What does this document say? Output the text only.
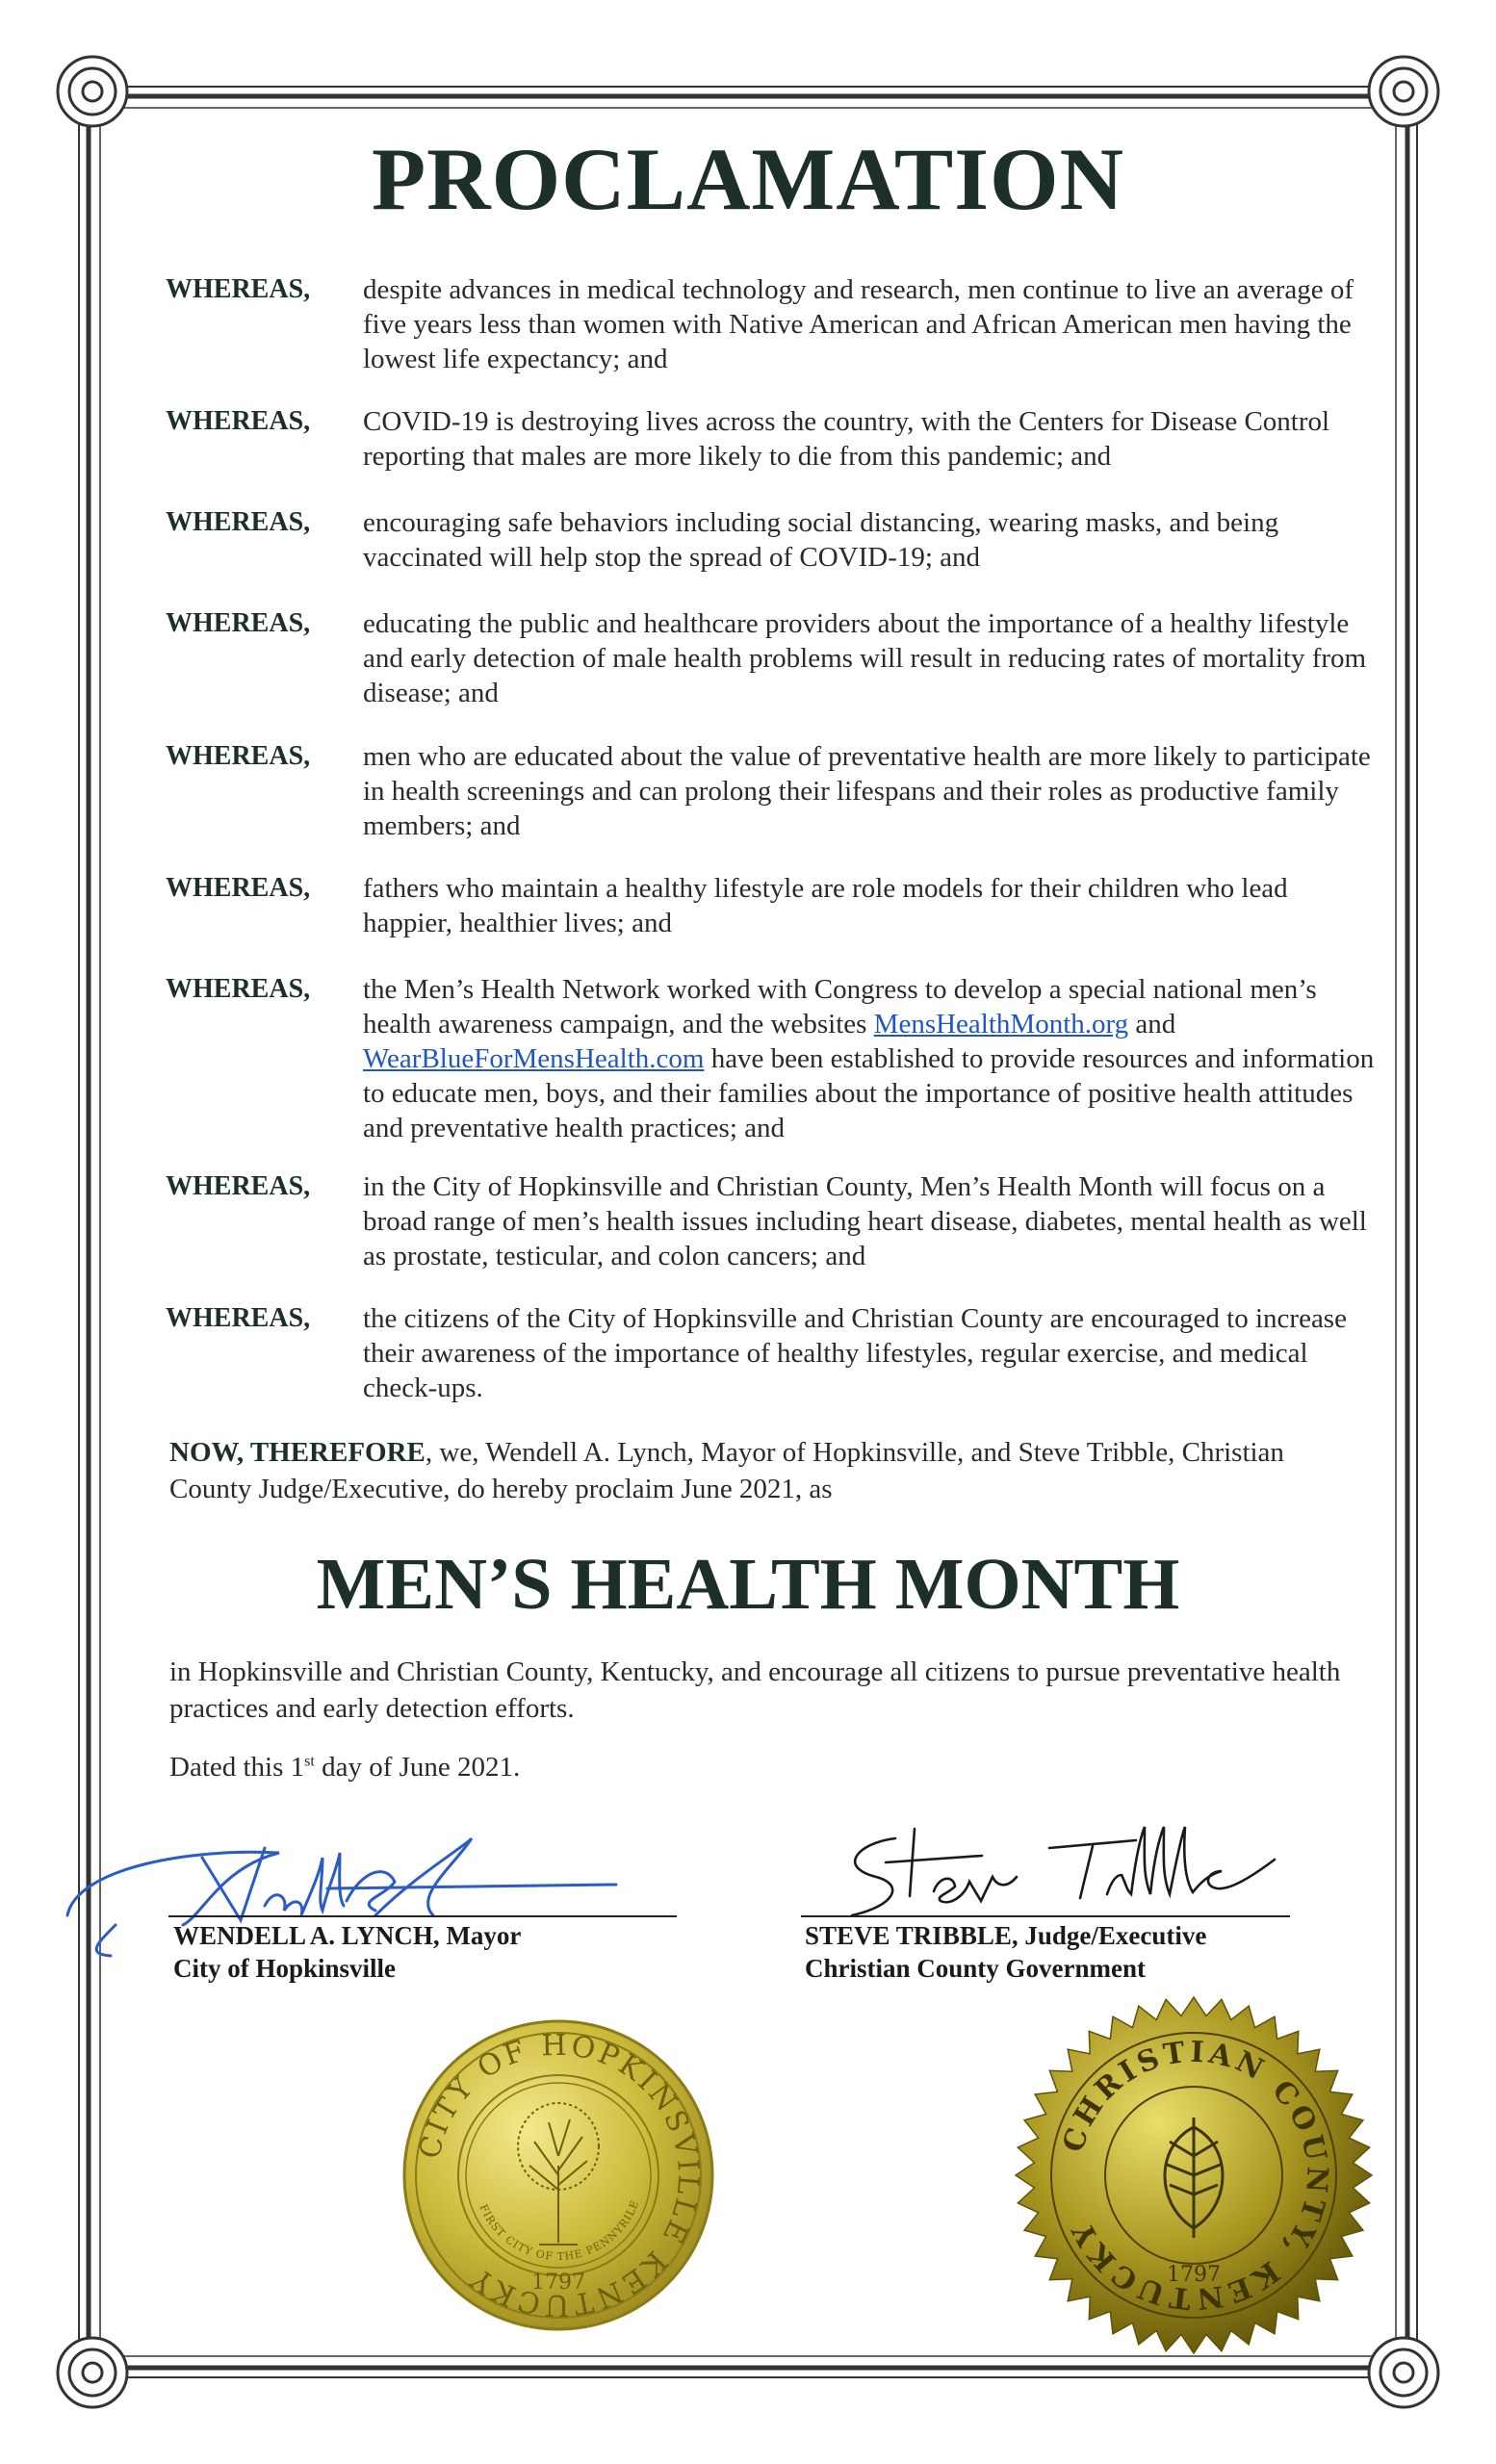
PROCLAMATION
WHEREAS, despite advances in medical technology and research, men continue to live an average of five years less than women with Native American and African American men having the lowest life expectancy; and
WHEREAS, COVID-19 is destroying lives across the country, with the Centers for Disease Control reporting that males are more likely to die from this pandemic; and
WHEREAS, encouraging safe behaviors including social distancing, wearing masks, and being vaccinated will help stop the spread of COVID-19; and
WHEREAS, educating the public and healthcare providers about the importance of a healthy lifestyle and early detection of male health problems will result in reducing rates of mortality from disease; and
WHEREAS, men who are educated about the value of preventative health are more likely to participate in health screenings and can prolong their lifespans and their roles as productive family members; and
WHEREAS, fathers who maintain a healthy lifestyle are role models for their children who lead happier, healthier lives; and
WHEREAS, the Men’s Health Network worked with Congress to develop a special national men’s health awareness campaign, and the websites MensHealthMonth.org and WearBlueForMensHealth.com have been established to provide resources and information to educate men, boys, and their families about the importance of positive health attitudes and preventative health practices; and
WHEREAS, in the City of Hopkinsville and Christian County, Men’s Health Month will focus on a broad range of men’s health issues including heart disease, diabetes, mental health as well as prostate, testicular, and colon cancers; and
WHEREAS, the citizens of the City of Hopkinsville and Christian County are encouraged to increase their awareness of the importance of healthy lifestyles, regular exercise, and medical check-ups.
NOW, THEREFORE, we, Wendell A. Lynch, Mayor of Hopkinsville, and Steve Tribble, Christian County Judge/Executive, do hereby proclaim June 2021, as
MEN’S HEALTH MONTH
in Hopkinsville and Christian County, Kentucky, and encourage all citizens to pursue preventative health practices and early detection efforts.
Dated this 1st day of June 2021.
WENDELL A. LYNCH, Mayor
City of Hopkinsville
STEVE TRIBBLE, Judge/Executive
Christian County Government
CITY OF HOPKINSVILLE KENTUCKY
FIRST CITY OF THE PENNYRILE
1797
CHRISTIAN COUNTY, KENTUCKY
1797
